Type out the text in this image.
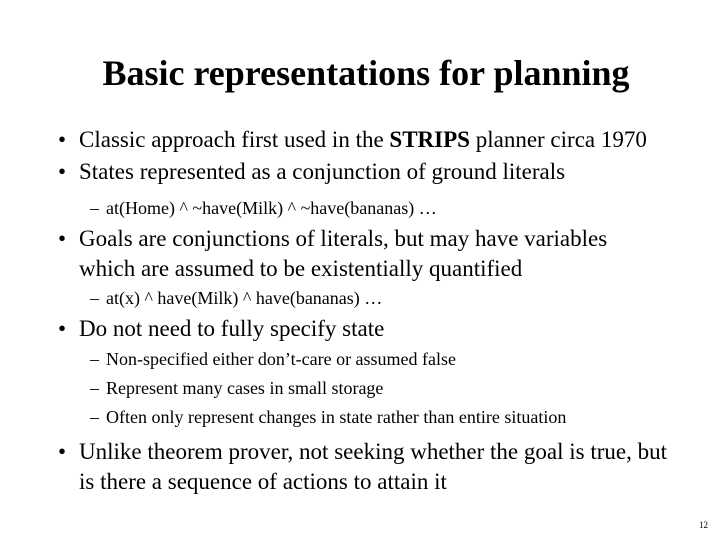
Basic representations for planning
• Classic approach first used in the STRIPS planner circa 1970
• States represented as a conjunction of ground literals
– at(Home) ^ ~have(Milk) ^ ~have(bananas) …
• Goals are conjunctions of literals, but may have variables which are assumed to be existentially quantified
– at(x) ^ have(Milk) ^ have(bananas) …
• Do not need to fully specify state
– Non-specified either don’t-care or assumed false
– Represent many cases in small storage
– Often only represent changes in state rather than entire situation
• Unlike theorem prover, not seeking whether the goal is true, but is there a sequence of actions to attain it
12
